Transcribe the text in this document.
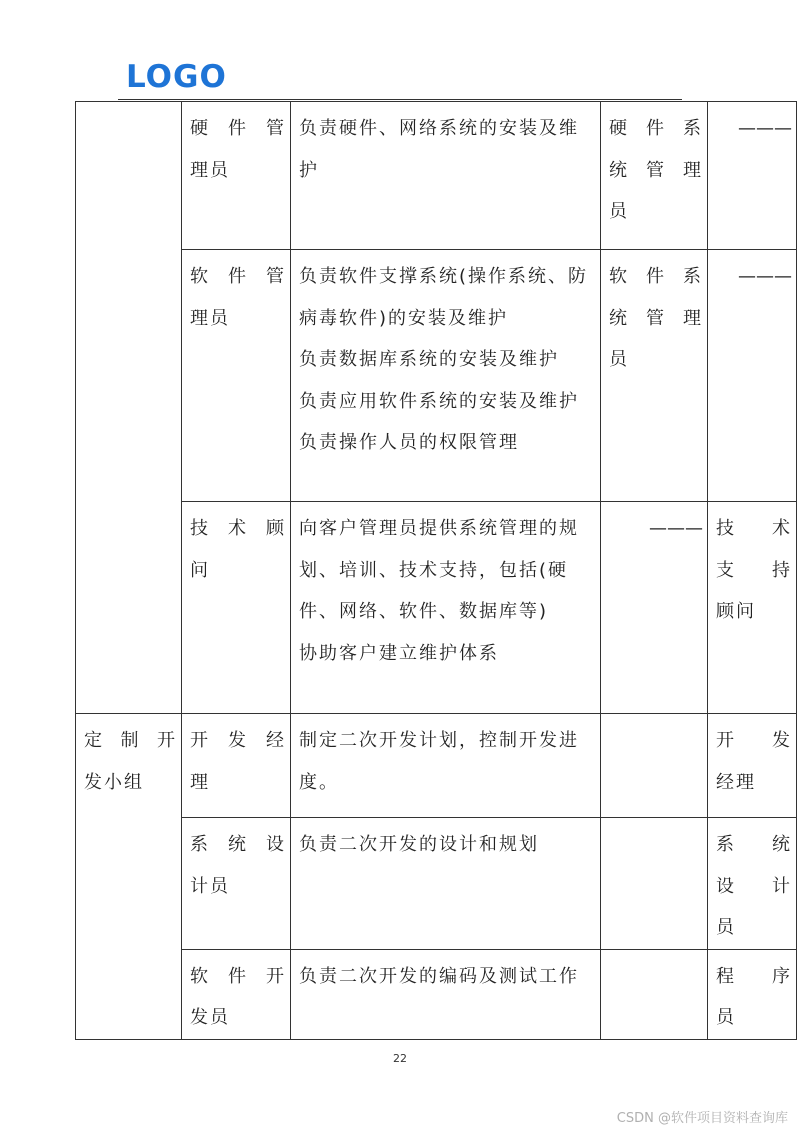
LOGO

	硬件管
理员	负责硬件、网络系统的安装及维护	硬件系
统管理
员	———

	软件管
理员	负责软件支撑系统(操作系统、防病毒软件)的安装及维护
负责数据库系统的安装及维护
负责应用软件系统的安装及维护
负责操作人员的权限管理	软件系
统管理
员	———

	技术顾
问	向客户管理员提供系统管理的规划、培训、技术支持，包括(硬件、网络、软件、数据库等)
协助客户建立维护体系	———	技术
支持
顾问

定制开
发小组	开发经
理	制定二次开发计划，控制开发进度。		开发
经理

	系统设
计员	负责二次开发的设计和规划		系统
设计
员

	软件开
发员	负责二次开发的编码及测试工作		程序
员
22
CSDN @软件项目资料查询库
